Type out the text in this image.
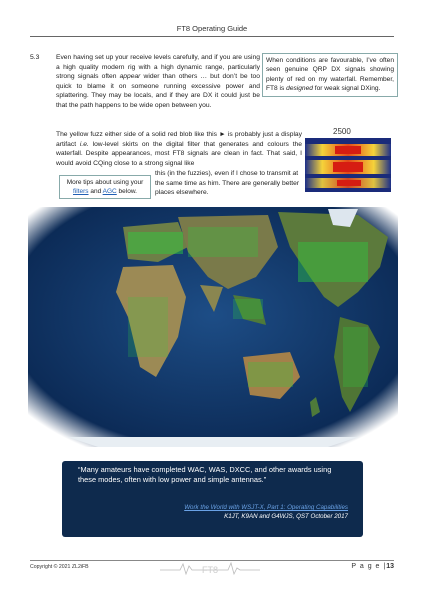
FT8 Operating Guide
5.3 Even having set up your receive levels carefully, and if you are using a high quality modern rig with a high dynamic range, particularly strong signals often appear wider than others … but don’t be too quick to blame it on someone running excessive power and splattering. They may be locals, and if they are DX it could just be that the path happens to be wide open between you.
When conditions are favourable, I’ve often seen genuine QRP DX signals showing plenty of red on my waterfall. Remember, FT8 is designed for weak signal DXing.
The yellow fuzz either side of a solid red blob like this ► is probably just a display artifact i.e. low-level skirts on the digital filter that generates and colours the waterfall. Despite appearances, most FT8 signals are clean in fact. That said, I would avoid CQing close to a strong signal like
this (in the fuzzies), even if I chose to transmit at the same time as him. There are generally better places elsewhere.
More tips about using your filters and AGC below.
2500
“Many amateurs have completed WAC, WAS, DXCC, and other awards using these modes, often with low power and simple antennas.”
Work the World with WSJT-X, Part 1: Operating Capabilities
K1JT, K9AN and G4WJS, QST October 2017
Copyright © 2021 ZL2iFB	FT8	P a g e |13
